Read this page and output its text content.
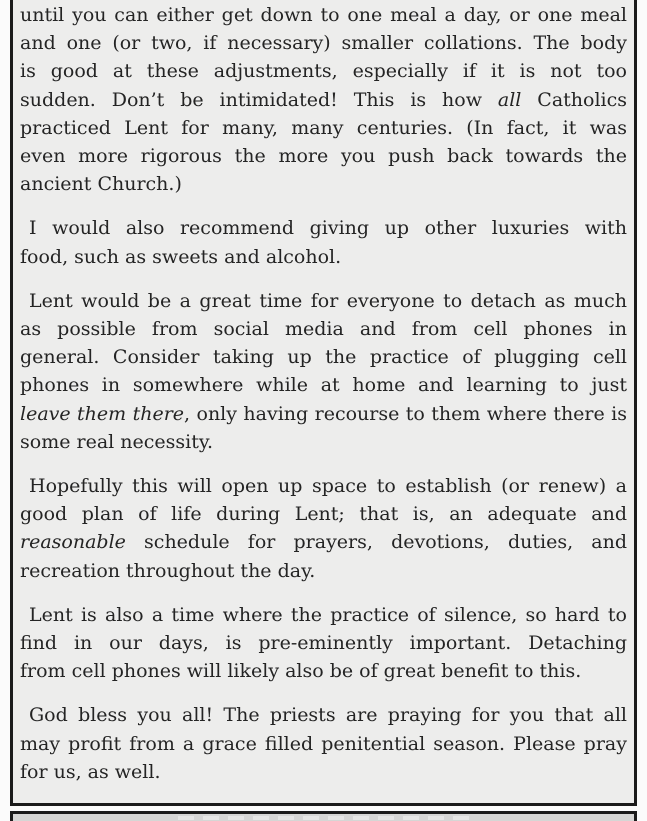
until you can either get down to one meal a day, or one meal
and one (or two, if necessary) smaller collations. The body
is good at these adjustments, especially if it is not too
sudden. Don’t be intimidated! This is how all Catholics
practiced Lent for many, many centuries. (In fact, it was
even more rigorous the more you push back towards the
ancient Church.)

I would also recommend giving up other luxuries with
food, such as sweets and alcohol.

Lent would be a great time for everyone to detach as much
as possible from social media and from cell phones in
general. Consider taking up the practice of plugging cell
phones in somewhere while at home and learning to just
leave them there, only having recourse to them where there is
some real necessity.

Hopefully this will open up space to establish (or renew) a
good plan of life during Lent; that is, an adequate and
reasonable schedule for prayers, devotions, duties, and
recreation throughout the day.

Lent is also a time where the practice of silence, so hard to
find in our days, is pre-eminently important. Detaching
from cell phones will likely also be of great benefit to this.

God bless you all! The priests are praying for you that all
may profit from a grace filled penitential season. Please pray
for us, as well.
